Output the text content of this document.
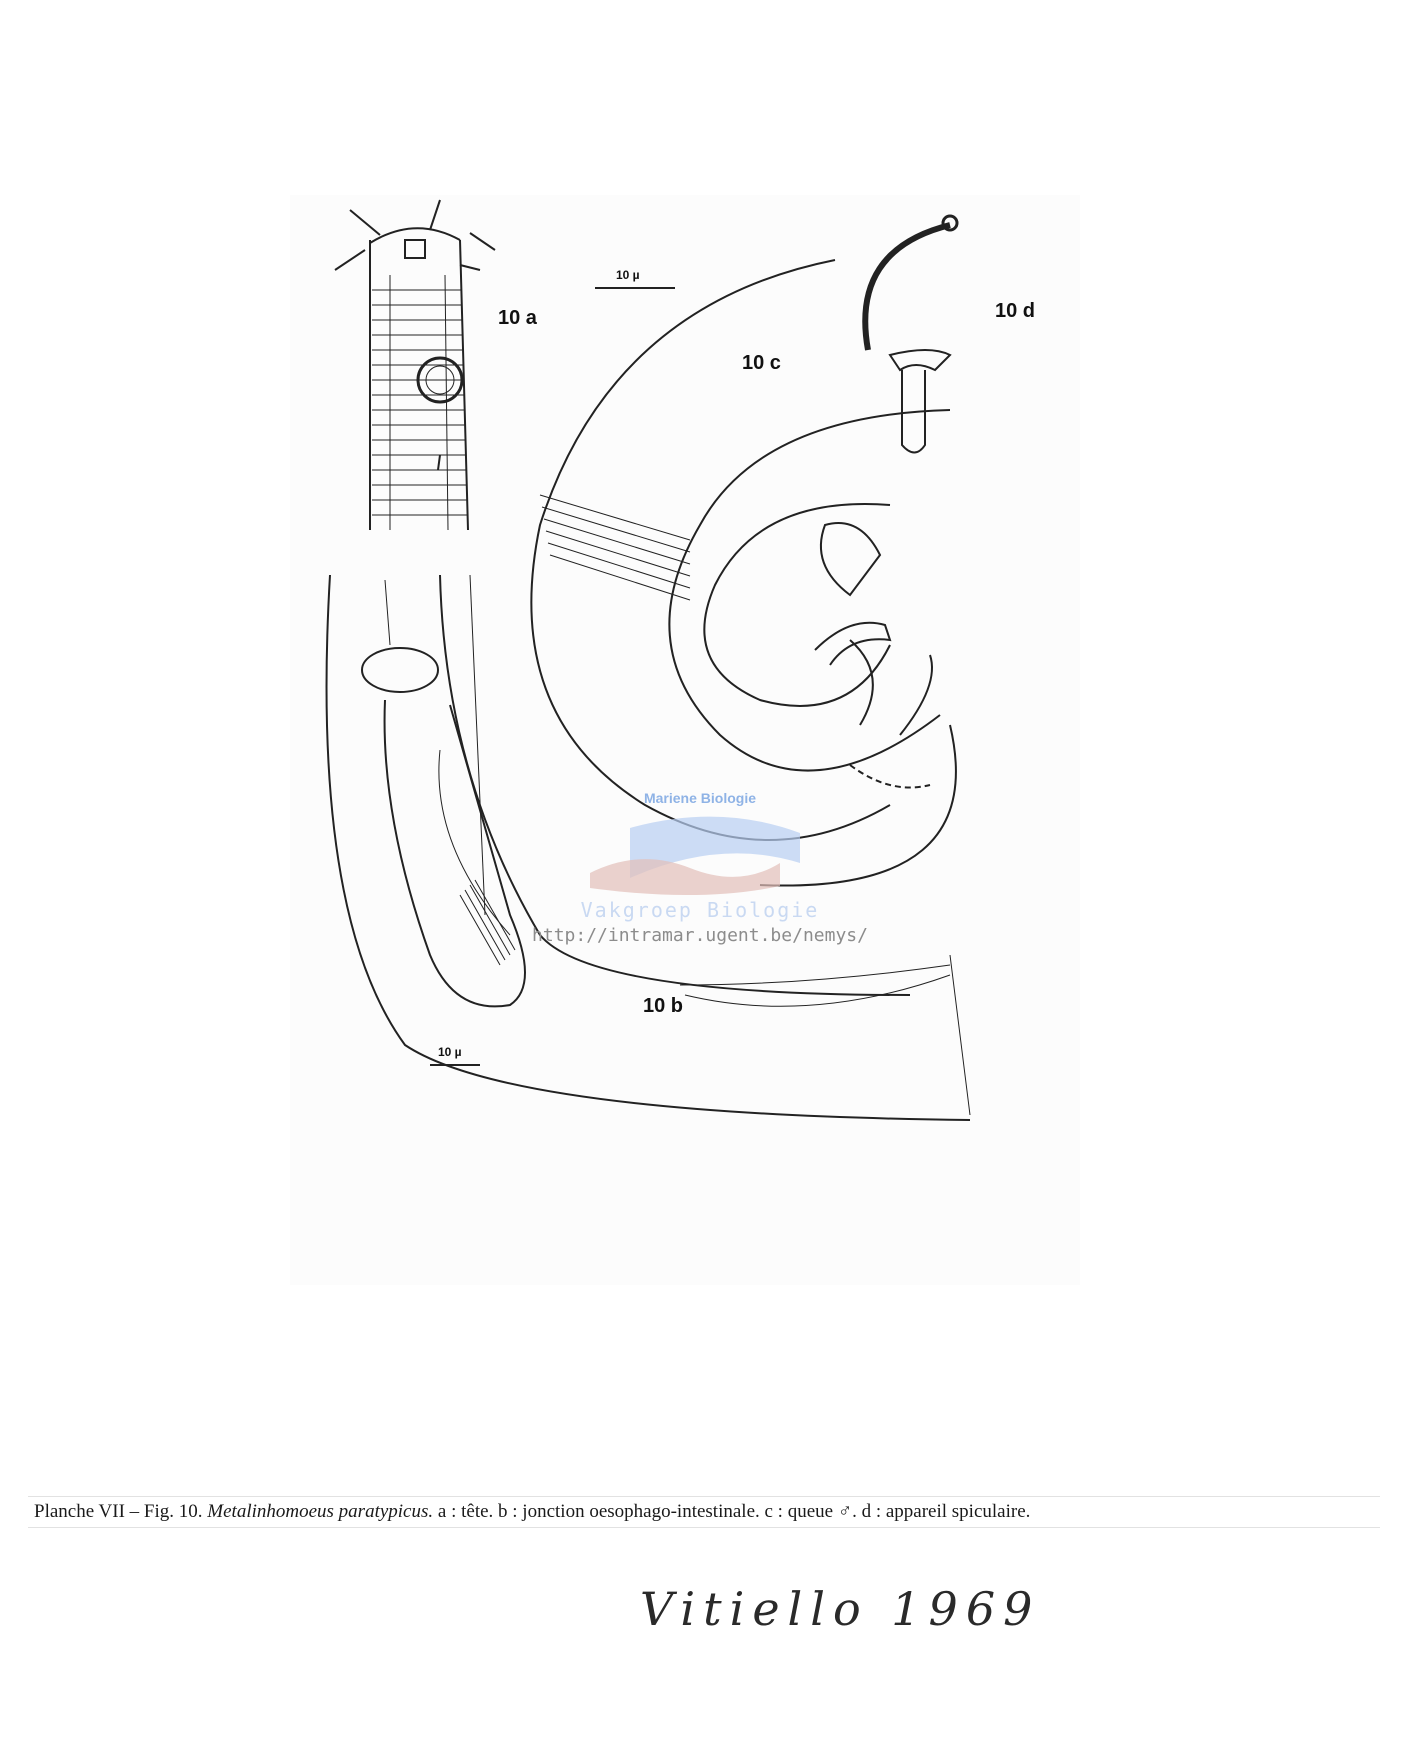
10 a
10 µ
10 c
10 d
10 b
10 µ
Mariene Biologie
Vakgroep Biologie
http://intramar.ugent.be/nemys/
Planche VII – Fig. 10. Metalinhomoeus paratypicus. a : tête. b : jonction oesophago-intestinale. c : queue ♂. d : appareil spiculaire.
Vitiello 1969
